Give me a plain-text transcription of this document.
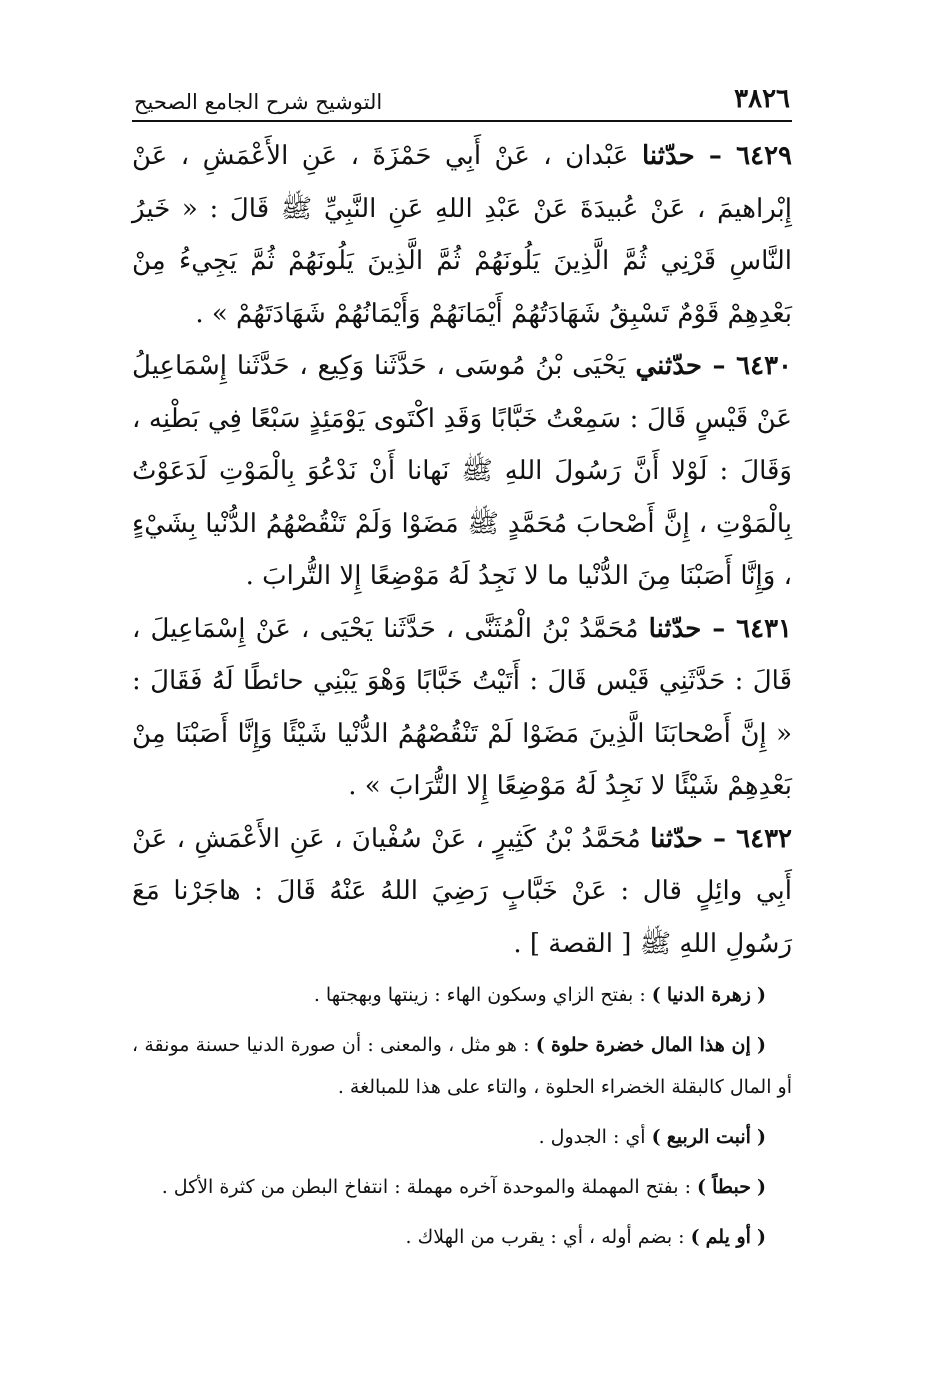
٣٨٢٦
التوشيح شرح الجامع الصحيح

٦٤٢٩ – حدّثنا عَبْدان ، عَنْ أَبِي حَمْزَةَ ، عَنِ الأَعْمَشِ ، عَنْ إِبْراهيمَ ، عَنْ عُبيدَةَ عَنْ عَبْدِ اللهِ عَنِ النَّبِيِّ ﷺ قَالَ : « خَيرُ النَّاسِ قَرْنِي ثُمَّ الَّذِينَ يَلُونَهُمْ ثُمَّ الَّذِينَ يَلُونَهُمْ ثُمَّ يَجِيءُ مِنْ بَعْدِهِمْ قَوْمٌ تَسْبِقُ شَهَادَتُهُمْ أَيْمَانَهُمْ وَأَيْمَانُهُمْ شَهَادَتَهُمْ » .

٦٤٣٠ – حدّثني يَحْيَى بْنُ مُوسَى ، حَدَّثَنا وَكِيع ، حَدَّثَنا إِسْمَاعِيلُ عَنْ قَيْسٍ قَالَ : سَمِعْتُ خَبَّابًا وَقَدِ اكْتَوى يَوْمَئِذٍ سَبْعًا فِي بَطْنِه ، وَقَالَ : لَوْلا أَنَّ رَسُولَ اللهِ ﷺ نَهانا أَنْ نَدْعُوَ بِالْمَوْتِ لَدَعَوْتُ بِالْمَوْتِ ، إِنَّ أَصْحابَ مُحَمَّدٍ ﷺ مَضَوْا وَلَمْ تَنْقُصْهُمُ الدُّنْيا بِشَيْءٍ ، وَإِنَّا أَصَبْنَا مِنَ الدُّنْيا ما لا نَجِدُ لَهُ مَوْضِعًا إِلا التُّرابَ .

٦٤٣١ – حدّثنا مُحَمَّدُ بْنُ الْمُثَنَّى ، حَدَّثَنا يَحْيَى ، عَنْ إِسْمَاعِيلَ ، قَالَ : حَدَّثَنِي قَيْس قَالَ : أَتَيْتُ خَبَّابًا وَهْوَ يَبْنِي حائطًا لَهُ فَقَالَ : « إِنَّ أَصْحابَنَا الَّذِينَ مَضَوْا لَمْ تَنْقُصْهُمُ الدُّنْيا شَيْئًا وَإِنَّا أَصَبْنَا مِنْ بَعْدِهِمْ شَيْئًا لا نَجِدُ لَهُ مَوْضِعًا إِلا التُّرَابَ » .

٦٤٣٢ – حدّثنا مُحَمَّدُ بْنُ كَثِيرٍ ، عَنْ سُفْيانَ ، عَنِ الأَعْمَشِ ، عَنْ أَبِي وائِلٍ قال : عَنْ خَبَّابٍ رَضِيَ اللهُ عَنْهُ قَالَ : هاجَرْنا مَعَ رَسُولِ اللهِ ﷺ [ القصة ] .

( زهرة الدنيا ) : بفتح الزاي وسكون الهاء : زينتها وبهجتها .

( إن هذا المال خضرة حلوة ) : هو مثل ، والمعنى : أن صورة الدنيا حسنة مونقة ، أو المال كالبقلة الخضراء الحلوة ، والتاء على هذا للمبالغة .

( أنبت الربيع ) أي : الجدول .

( حبطاً ) : بفتح المهملة والموحدة آخره مهملة : انتفاخ البطن من كثرة الأكل .

( أو يلم ) : بضم أوله ، أي : يقرب من الهلاك .
